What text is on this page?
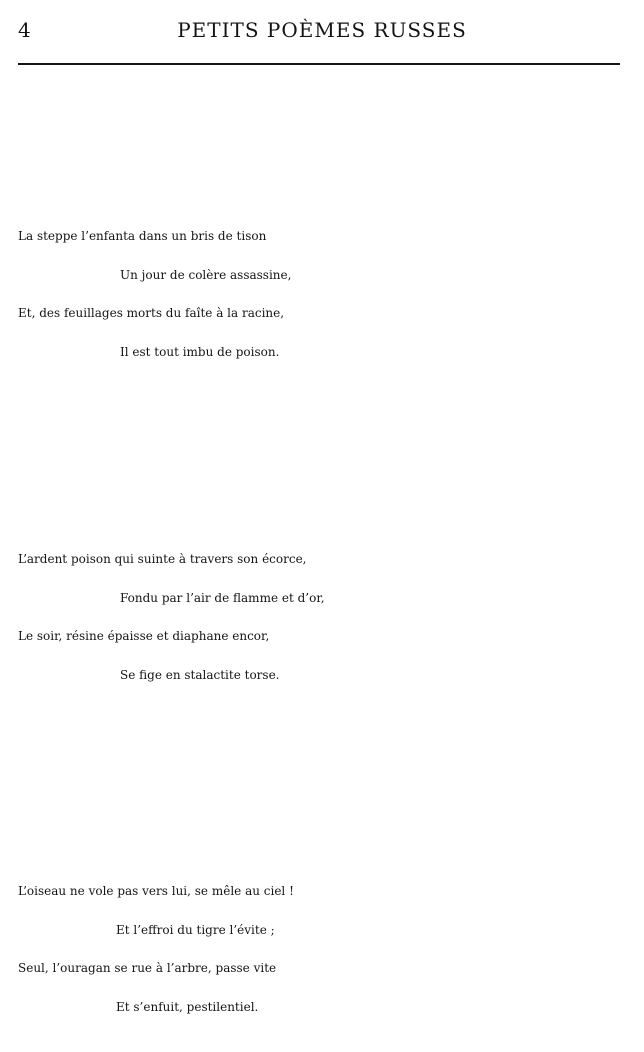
4	PETITS POÈMES RUSSES
La steppe l’enfanta dans un bris de tison
Un jour de colère assassine,
Et, des feuillages morts du faîte à la racine,
Il est tout imbu de poison.
L’ardent poison qui suinte à travers son écorce,
Fondu par l’air de flamme et d’or,
Le soir, résine épaisse et diaphane encor,
Se fige en stalactite torse.
L’oiseau ne vole pas vers lui, se mêle au ciel !
Et l’effroi du tigre l’évite ;
Seul, l’ouragan se rue à l’arbre, passe vite
Et s’enfuit, pestilentiel.
